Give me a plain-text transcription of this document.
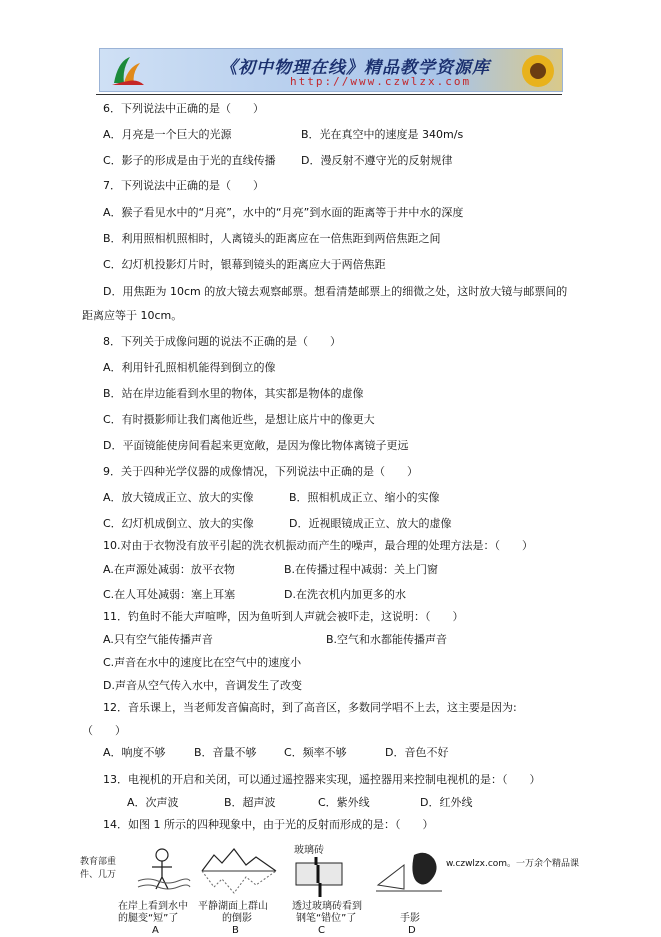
《初中物理在线》精品教学资源库
http://www.czwlzx.com
6．下列说法中正确的是（　　）
A．月亮是一个巨大的光源	B．光在真空中的速度是 340m/s
C．影子的形成是由于光的直线传播 D．漫反射不遵守光的反射规律
7．下列说法中正确的是（　　）
A．猴子看见水中的“月亮”，水中的“月亮”到水面的距离等于井中水的深度
B．利用照相机照相时，人离镜头的距离应在一倍焦距到两倍焦距之间
C．幻灯机投影灯片时，银幕到镜头的距离应大于两倍焦距
D．用焦距为 10cm 的放大镜去观察邮票。想看清楚邮票上的细微之处，这时放大镜与邮票间的
距离应等于 10cm。
8．下列关于成像问题的说法不正确的是（　　）
A．利用针孔照相机能得到倒立的像
B．站在岸边能看到水里的物体，其实都是物体的虚像
C．有时摄影师让我们离他近些，是想让底片中的像更大
D．平面镜能使房间看起来更宽敞，是因为像比物体离镜子更远
9．关于四种光学仪器的成像情况，下列说法中正确的是（　　）
A．放大镜成正立、放大的实像	B．照相机成正立、缩小的实像
C．幻灯机成倒立、放大的实像	D．近视眼镜成正立、放大的虚像
10.对由于衣物没有放平引起的洗衣机振动而产生的噪声，最合理的处理方法是：（　　）
A.在声源处减弱：放平衣物	B.在传播过程中减弱：关上门窗
C.在人耳处减弱：塞上耳塞	D.在洗衣机内加更多的水
11．钓鱼时不能大声喧哗，因为鱼听到人声就会被吓走，这说明：（　　）
A.只有空气能传播声音	B.空气和水都能传播声音
C.声音在水中的速度比在空气中的速度小
D.声音从空气传入水中，音调发生了改变
12．音乐课上，当老师发音偏高时，到了高音区，多数同学唱不上去，这主要是因为:
（　　）
A．响度不够	B．音量不够 C．频率不够	D．音色不好
13．电视机的开启和关闭，可以通过遥控器来实现，遥控器用来控制电视机的是：（　　）
A．次声波	B．超声波	C．紫外线	D．红外线
14．如图 1 所示的四种现象中，由于光的反射而形成的是：（　　）
教育部重件、几万
w.czwlzx.com。一万余个精品课
在岸上看到水中
的腿变“短”了
A
平静湖面上群山
的倒影
B
玻璃砖
透过玻璃砖看到
钢笔“错位”了
C
手影
D
